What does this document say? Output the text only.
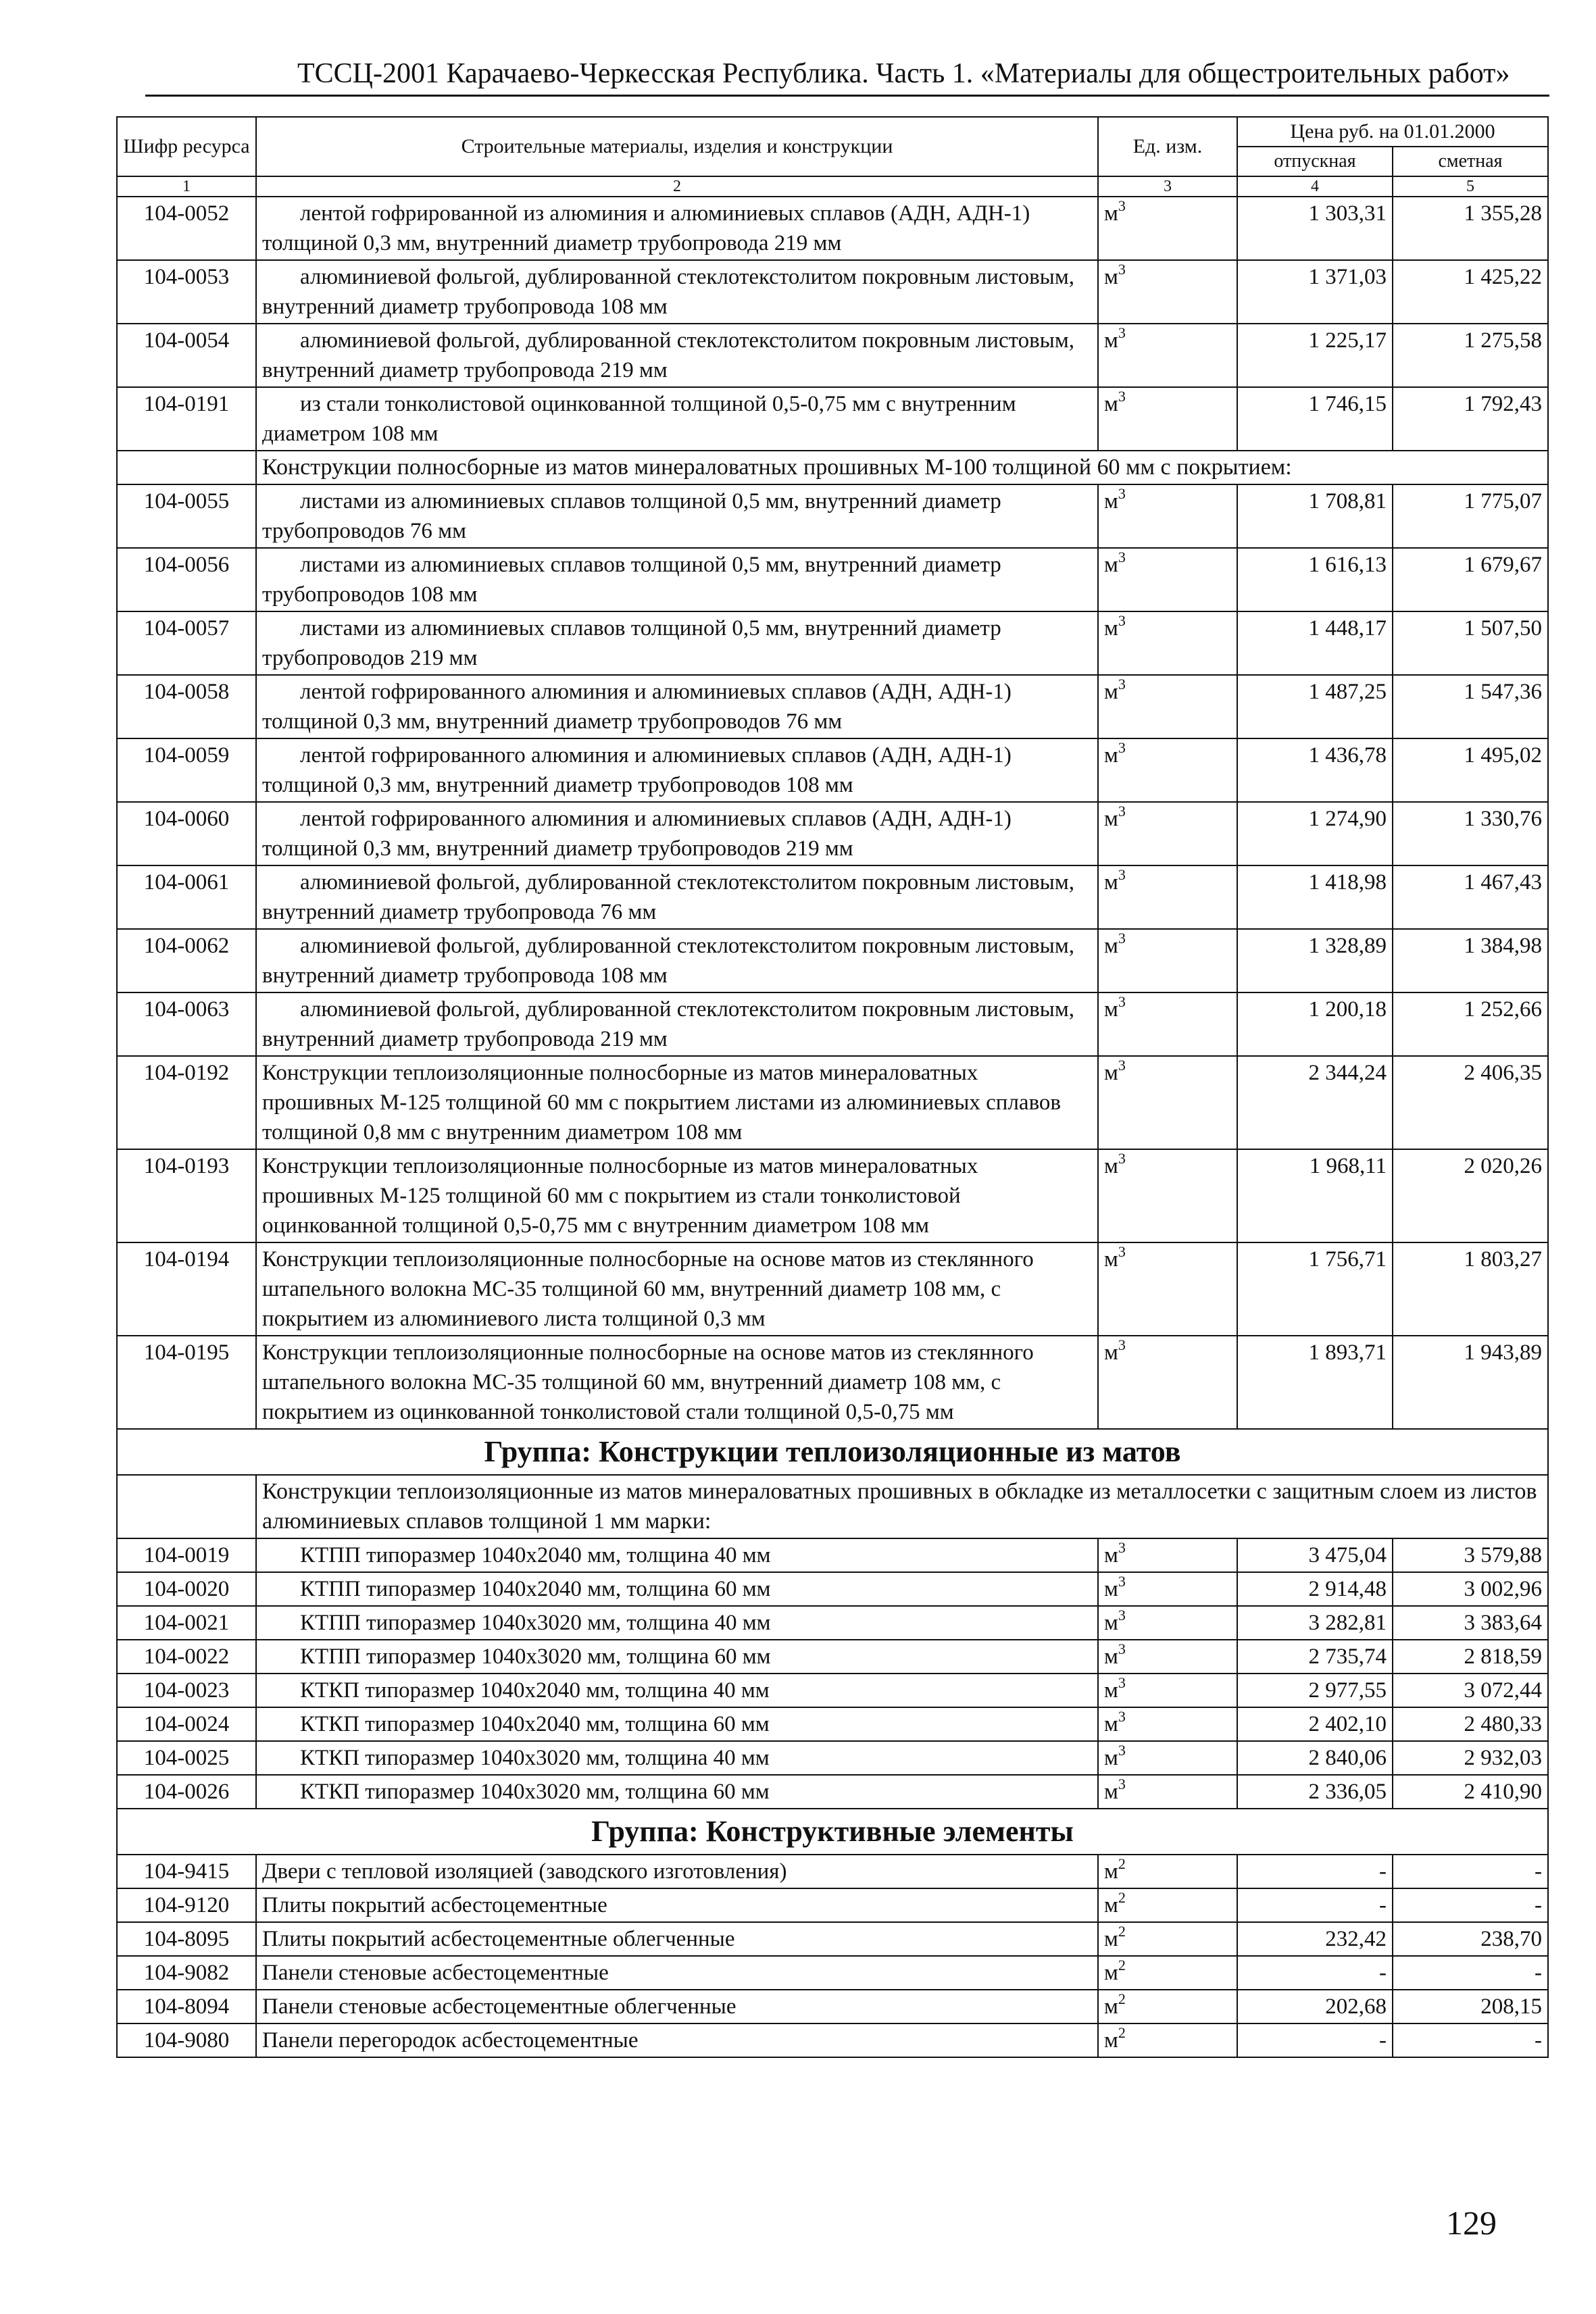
ТССЦ-2001 Карачаево-Черкесская Республика. Часть 1. «Материалы для общестроительных работ»
Шифр ресурса	Строительные материалы, изделия и конструкции	Ед. изм.	Цена руб. на 01.01.2000	
			отпускная	сметная
1	2	3	4	5
104-0052	лентой гофрированной из алюминия и алюминиевых сплавов (АДН, АДН-1) толщиной 0,3 мм, внутренний диаметр трубопровода 219 мм	$м^3$	1 303,31	1 355,28
104-0053	алюминиевой фольгой, дублированной стеклотекстолитом покровным листовым, внутренний диаметр трубопровода 108 мм	$м^3$	1 371,03	1 425,22
104-0054	алюминиевой фольгой, дублированной стеклотекстолитом покровным листовым, внутренний диаметр трубопровода 219 мм	$м^3$	1 225,17	1 275,58
104-0191	из стали тонколистовой оцинкованной толщиной 0,5-0,75 мм с внутренним диаметром 108 мм	$м^3$	1 746,15	1 792,43
	Конструкции полносборные из матов минераловатных прошивных М-100 толщиной 60 мм с покрытием:			
104-0055	листами из алюминиевых сплавов толщиной 0,5 мм, внутренний диаметр трубопроводов 76 мм	$м^3$	1 708,81	1 775,07
104-0056	листами из алюминиевых сплавов толщиной 0,5 мм, внутренний диаметр трубопроводов 108 мм	$м^3$	1 616,13	1 679,67
104-0057	листами из алюминиевых сплавов толщиной 0,5 мм, внутренний диаметр трубопроводов 219 мм	$м^3$	1 448,17	1 507,50
104-0058	лентой гофрированного алюминия и алюминиевых сплавов (АДН, АДН-1) толщиной 0,3 мм, внутренний диаметр трубопроводов 76 мм	$м^3$	1 487,25	1 547,36
104-0059	лентой гофрированного алюминия и алюминиевых сплавов (АДН, АДН-1) толщиной 0,3 мм, внутренний диаметр трубопроводов 108 мм	$м^3$	1 436,78	1 495,02
104-0060	лентой гофрированного алюминия и алюминиевых сплавов (АДН, АДН-1) толщиной 0,3 мм, внутренний диаметр трубопроводов 219 мм	$м^3$	1 274,90	1 330,76
104-0061	алюминиевой фольгой, дублированной стеклотекстолитом покровным листовым, внутренний диаметр трубопровода 76 мм	$м^3$	1 418,98	1 467,43
104-0062	алюминиевой фольгой, дублированной стеклотекстолитом покровным листовым, внутренний диаметр трубопровода 108 мм	$м^3$	1 328,89	1 384,98
104-0063	алюминиевой фольгой, дублированной стеклотекстолитом покровным листовым, внутренний диаметр трубопровода 219 мм	$м^3$	1 200,18	1 252,66
104-0192	Конструкции теплоизоляционные полносборные из матов минераловатных прошивных М-125 толщиной 60 мм с покрытием листами из алюминиевых сплавов толщиной 0,8 мм с внутренним диаметром 108 мм	$м^3$	2 344,24	2 406,35
104-0193	Конструкции теплоизоляционные полносборные из матов минераловатных прошивных М-125 толщиной 60 мм с покрытием из стали тонколистовой оцинкованной толщиной 0,5-0,75 мм с внутренним диаметром 108 мм	$м^3$	1 968,11	2 020,26
104-0194	Конструкции теплоизоляционные полносборные на основе матов из стеклянного штапельного волокна МС-35 толщиной 60 мм, внутренний диаметр 108 мм, с покрытием из алюминиевого листа толщиной 0,3 мм	$м^3$	1 756,71	1 803,27
104-0195	Конструкции теплоизоляционные полносборные на основе матов из стеклянного штапельного волокна МС-35 толщиной 60 мм, внутренний диаметр 108 мм, с покрытием из оцинкованной тонколистовой стали толщиной 0,5-0,75 мм	$м^3$	1 893,71	1 943,89
Группа: Конструкции теплоизоляционные из матов				
	Конструкции теплоизоляционные из матов минераловатных прошивных в обкладке из металлосетки с защитным слоем из листов алюминиевых сплавов толщиной 1 мм марки:			
104-0019	КТПП типоразмер 1040х2040 мм, толщина 40 мм	$м^3$	3 475,04	3 579,88
104-0020	КТПП типоразмер 1040х2040 мм, толщина 60 мм	$м^3$	2 914,48	3 002,96
104-0021	КТПП типоразмер 1040х3020 мм, толщина 40 мм	$м^3$	3 282,81	3 383,64
104-0022	КТПП типоразмер 1040х3020 мм, толщина 60 мм	$м^3$	2 735,74	2 818,59
104-0023	КТКП типоразмер 1040х2040 мм, толщина 40 мм	$м^3$	2 977,55	3 072,44
104-0024	КТКП типоразмер 1040х2040 мм, толщина 60 мм	$м^3$	2 402,10	2 480,33
104-0025	КТКП типоразмер 1040х3020 мм, толщина 40 мм	$м^3$	2 840,06	2 932,03
104-0026	КТКП типоразмер 1040х3020 мм, толщина 60 мм	$м^3$	2 336,05	2 410,90
Группа: Конструктивные элементы				
104-9415	Двери с тепловой изоляцией (заводского изготовления)	$м^2$	-	-
104-9120	Плиты покрытий асбестоцементные	$м^2$	-	-
104-8095	Плиты покрытий асбестоцементные облегченные	$м^2$	232,42	238,70
104-9082	Панели стеновые асбестоцементные	$м^2$	-	-
104-8094	Панели стеновые асбестоцементные облегченные	$м^2$	202,68	208,15
104-9080	Панели перегородок асбестоцементные	$м^2$	-	-
129
